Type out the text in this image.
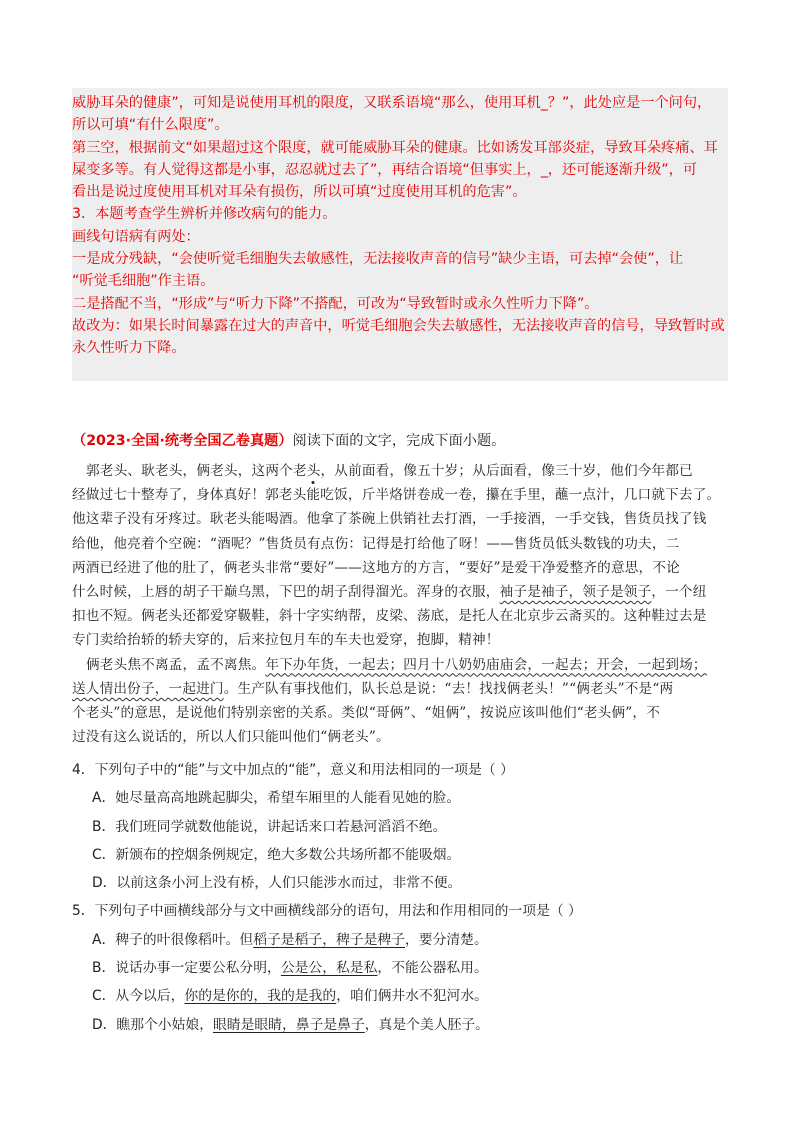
威胁耳朵的健康”，可知是说使用耳机的限度，又联系语境“那么，使用耳机_？”，此处应是一个问句，
所以可填“有什么限度”。
第三空，根据前文“如果超过这个限度，就可能威胁耳朵的健康。比如诱发耳部炎症，导致耳朵疼痛、耳
屎变多等。有人觉得这都是小事，忍忍就过去了”，再结合语境“但事实上，_，还可能逐渐升级”，可
看出是说过度使用耳机对耳朵有损伤，所以可填“过度使用耳机的危害”。
3．本题考查学生辨析并修改病句的能力。
画线句语病有两处：
一是成分残缺，“会使听觉毛细胞失去敏感性，无法接收声音的信号”缺少主语，可去掉“会使”，让
“听觉毛细胞”作主语。
二是搭配不当，“形成”与“听力下降”不搭配，可改为“导致暂时或永久性听力下降”。
故改为：如果长时间暴露在过大的声音中，听觉毛细胞会失去敏感性，无法接收声音的信号，导致暂时或
永久性听力下降。
（2023·全国·统考全国乙卷真题）阅读下面的文字，完成下面小题。
郭老头、耿老头，俩老头，这两个老头，从前面看，像五十岁；从后面看，像三十岁，他们今年都已
经做过七十整寿了，身体真好！郭老头能吃饭，斤半烙饼卷成一卷，攥在手里，蘸一点汁，几口就下去了。
他这辈子没有牙疼过。耿老头能喝酒。他拿了茶碗上供销社去打酒，一手接酒，一手交钱，售货员找了钱
给他，他亮着个空碗：“酒呢？”售货员有点伤：记得是打给他了呀！——售货员低头数钱的功夫，二
两酒已经进了他的肚了，俩老头非常“要好”——这地方的方言，“要好”是爱干净爱整齐的意思，不论
什么时候，上唇的胡子干巅乌黑，下巴的胡子刮得溜光。浑身的衣服，袖子是袖子，领子是领子，一个纽
扣也不短。俩老头还都爱穿靸鞋，斜十字实纳帮，皮梁、荡底，是托人在北京步云斋买的。这种鞋过去是
专门卖给抬轿的轿夫穿的，后来拉包月车的车夫也爱穿，抱脚，精神！
俩老头焦不离孟，孟不离焦。年下办年货，一起去；四月十八奶奶庙庙会，一起去；开会，一起到场；
送人情出份子，一起进门。生产队有事找他们，队长总是说：“去！找找俩老头！”“俩老头”不是“两
个老头”的意思，是说他们特别亲密的关系。类似“哥俩”、“姐俩”，按说应该叫他们“老头俩”，不
过没有这么说话的，所以人们只能叫他们“俩老头”。
4．下列句子中的“能”与文中加点的“能”，意义和用法相同的一项是（ ）
A．她尽量高高地跳起脚尖，希望车厢里的人能看见她的脸。
B．我们班同学就数他能说，讲起话来口若悬河滔滔不绝。
C．新颁布的控烟条例规定，绝大多数公共场所都不能吸烟。
D．以前这条小河上没有桥，人们只能涉水而过，非常不便。
5．下列句子中画横线部分与文中画横线部分的语句，用法和作用相同的一项是（ ）
A．稗子的叶很像稻叶。但稻子是稻子，稗子是稗子，要分清楚。
B．说话办事一定要公私分明，公是公，私是私，不能公器私用。
C．从今以后，你的是你的，我的是我的，咱们俩井水不犯河水。
D．瞧那个小姑娘，眼睛是眼睛，鼻子是鼻子，真是个美人胚子。
